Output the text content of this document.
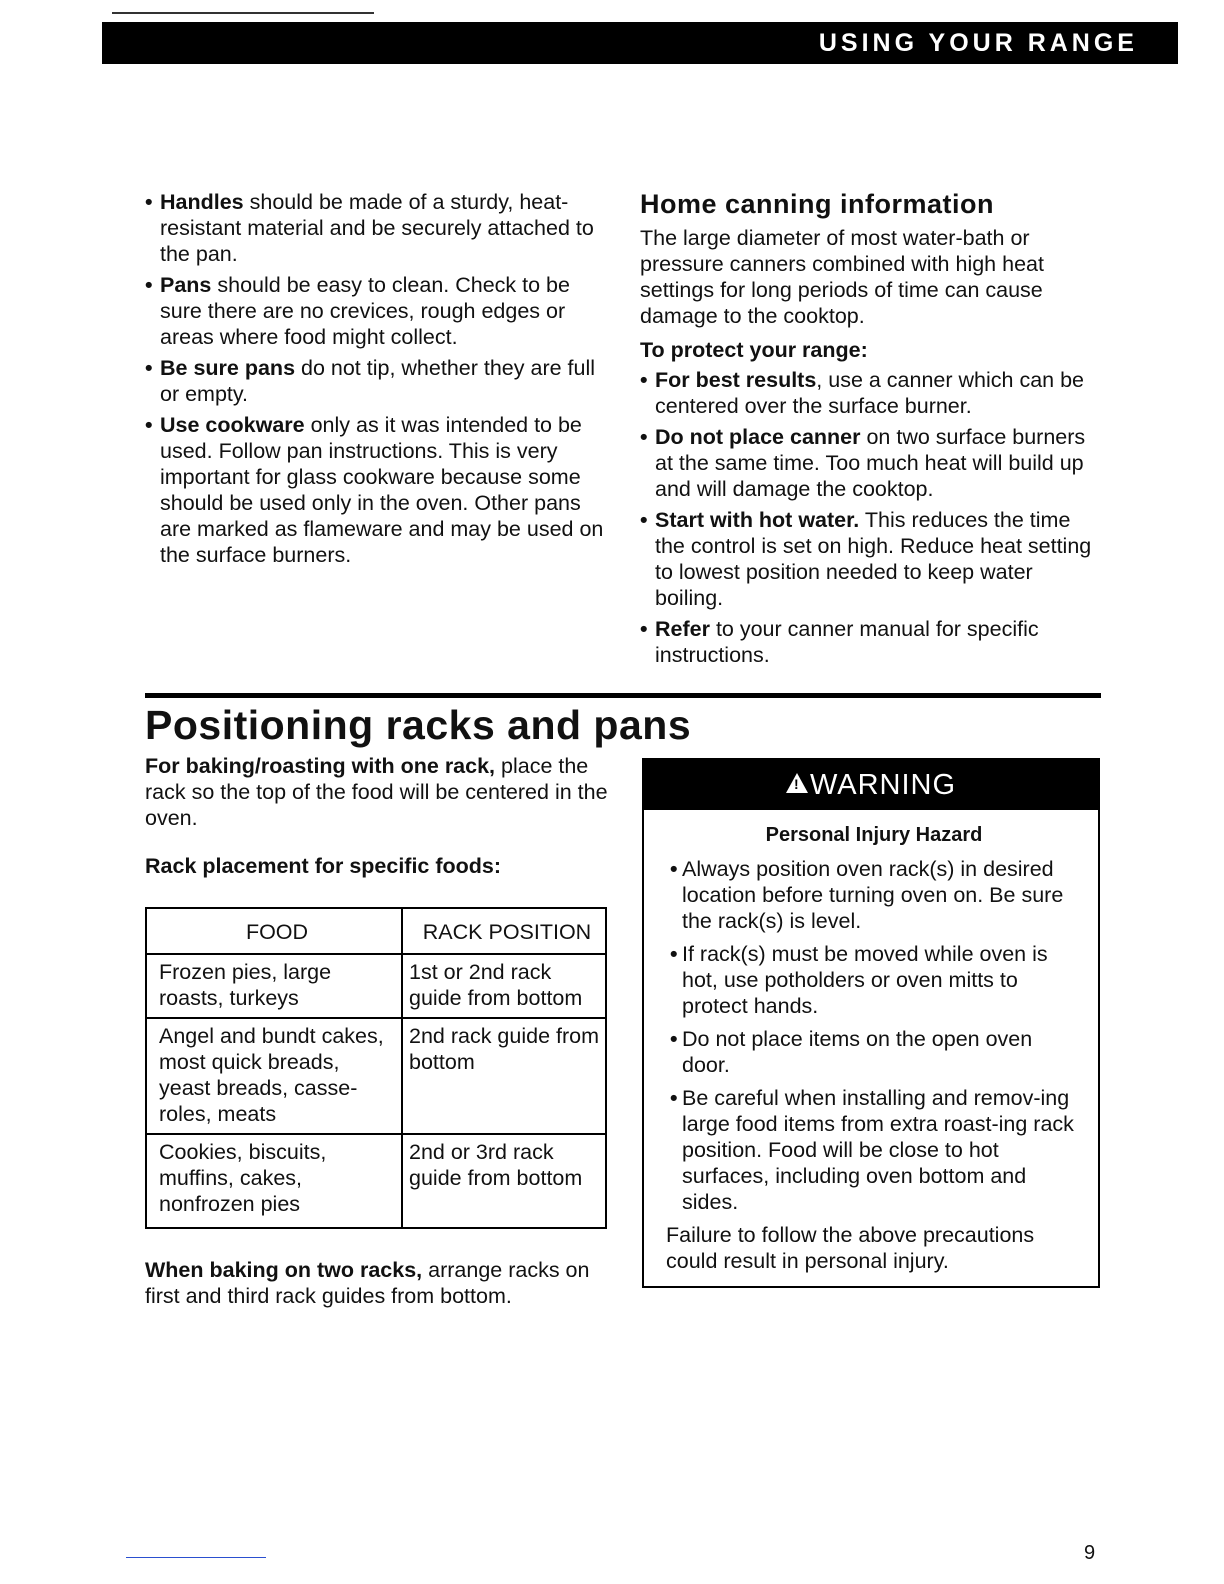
USING YOUR RANGE
• Handles should be made of a sturdy, heat-resistant material and be securely attached to the pan.
• Pans should be easy to clean. Check to be sure there are no crevices, rough edges or areas where food might collect.
• Be sure pans do not tip, whether they are full or empty.
• Use cookware only as it was intended to be used. Follow pan instructions. This is very important for glass cookware because some should be used only in the oven. Other pans are marked as flameware and may be used on the surface burners.
Home canning information

The large diameter of most water-bath or pressure canners combined with high heat settings for long periods of time can cause damage to the cooktop.

To protect your range:
• For best results, use a canner which can be centered over the surface burner.
• Do not place canner on two surface burners at the same time. Too much heat will build up and will damage the cooktop.
• Start with hot water. This reduces the time the control is set on high. Reduce heat setting to lowest position needed to keep water boiling.
• Refer to your canner manual for specific instructions.
Positioning racks and pans

For baking/roasting with one rack, place the rack so the top of the food will be centered in the oven.

Rack placement for specific foods:
FOOD	RACK POSITION
Frozen pies, large roasts, turkeys	1st or 2nd rack guide from bottom
Angel and bundt cakes, most quick breads, yeast breads, casse-roles, meats	2nd rack guide from bottom
Cookies, biscuits, muffins, cakes, nonfrozen pies	2nd or 3rd rack guide from bottom

When baking on two racks, arrange racks on first and third rack guides from bottom.

!
WARNING
Personal Injury Hazard
• Always position oven rack(s) in desired location before turning oven on. Be sure the rack(s) is level.
• If rack(s) must be moved while oven is hot, use potholders or oven mitts to protect hands.
• Do not place items on the open oven door.
• Be careful when installing and remov-ing large food items from extra roast-ing rack position. Food will be close to hot surfaces, including oven bottom and sides.

Failure to follow the above precautions could result in personal injury.

9
